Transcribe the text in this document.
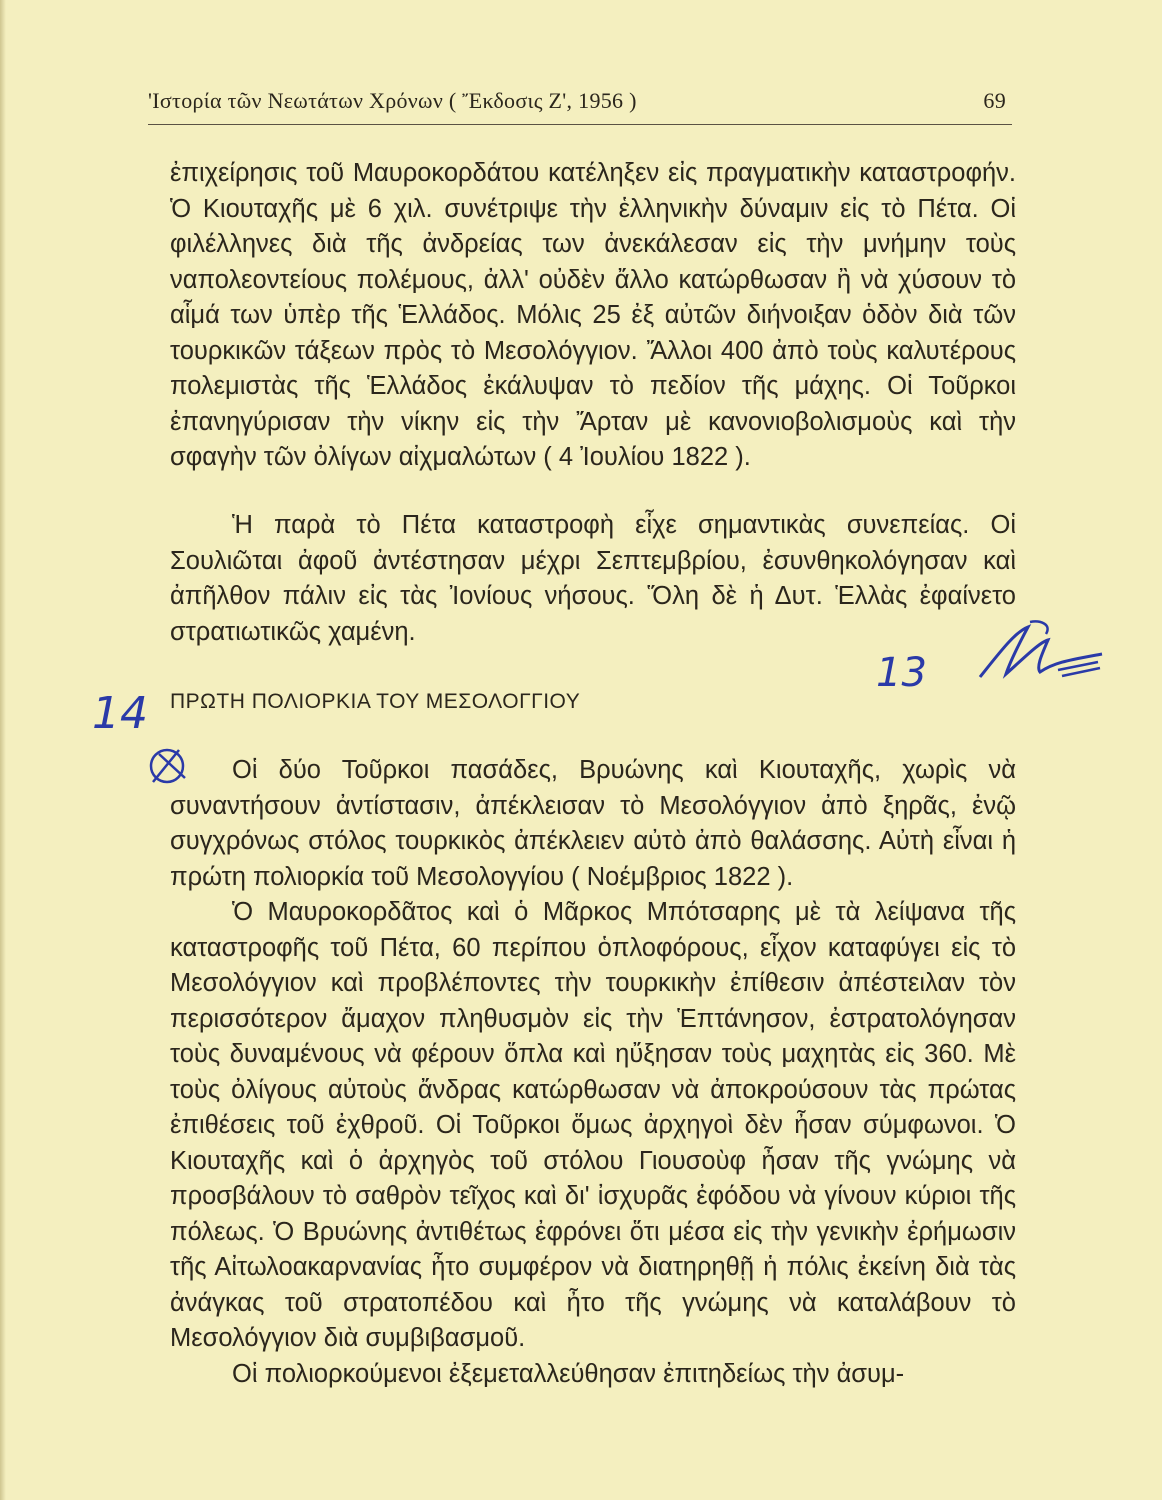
'Ιστορία τῶν Νεωτάτων Χρόνων ( Ἔκδοσις Ζ', 1956 )	69

ἐπιχείρησις τοῦ Μαυροκορδάτου κατέληξεν εἰς πραγματικὴν καταστροφήν. Ὁ Κιουταχῆς μὲ 6 χιλ. συνέτριψε τὴν ἑλληνικὴν δύναμιν εἰς τὸ Πέτα. Οἱ φιλέλληνες διὰ τῆς ἀνδρείας των ἀνεκάλεσαν εἰς τὴν μνήμην τοὺς ναπολεοντείους πολέμους, ἀλλ' οὐδὲν ἄλλο κατώρθωσαν ἢ νὰ χύσουν τὸ αἷμά των ὑπὲρ τῆς Ἑλλάδος. Μόλις 25 ἐξ αὐτῶν διήνοιξαν ὁδὸν διὰ τῶν τουρκικῶν τάξεων πρὸς τὸ Μεσολόγγιον. Ἄλλοι 400 ἀπὸ τοὺς καλυτέρους πολεμιστὰς τῆς Ἑλλάδος ἐκάλυψαν τὸ πεδίον τῆς μάχης. Οἱ Τοῦρκοι ἐπανηγύρισαν τὴν νίκην εἰς τὴν Ἄρταν μὲ κανονιοβολισμοὺς καὶ τὴν σφαγὴν τῶν ὀλίγων αἰχμαλώτων ( 4 Ἰουλίου 1822 ).

Ἡ παρὰ τὸ Πέτα καταστροφὴ εἶχε σημαντικὰς συνεπείας. Οἱ Σουλιῶται ἀφοῦ ἀντέστησαν μέχρι Σεπτεμβρίου, ἐσυνθηκολόγησαν καὶ ἀπῆλθον πάλιν εἰς τὰς Ἰονίους νήσους. Ὅλη δὲ ἡ Δυτ. Ἑλλὰς ἐφαίνετο στρατιωτικῶς χαμένη.

13
14 ΠΡΩΤΗ ΠΟΛΙΟΡΚΙΑ ΤΟΥ ΜΕΣΟΛΟΓΓΙΟΥ

Οἱ δύο Τοῦρκοι πασάδες, Βρυώνης καὶ Κιουταχῆς, χωρὶς νὰ συναντήσουν ἀντίστασιν, ἀπέκλεισαν τὸ Μεσολόγγιον ἀπὸ ξηρᾶς, ἐνῷ συγχρόνως στόλος τουρκικὸς ἀπέκλειεν αὐτὸ ἀπὸ θαλάσσης. Αὐτὴ εἶναι ἡ πρώτη πολιορκία τοῦ Μεσολογγίου ( Νοέμβριος 1822 ).

Ὁ Μαυροκορδᾶτος καὶ ὁ Μᾶρκος Μπότσαρης μὲ τὰ λείψανα τῆς καταστροφῆς τοῦ Πέτα, 60 περίπου ὁπλοφόρους, εἶχον καταφύγει εἰς τὸ Μεσολόγγιον καὶ προβλέποντες τὴν τουρκικὴν ἐπίθεσιν ἀπέστειλαν τὸν περισσότερον ἄμαχον πληθυσμὸν εἰς τὴν Ἑπτάνησον, ἐστρατολόγησαν τοὺς δυναμένους νὰ φέρουν ὅπλα καὶ ηὔξησαν τοὺς μαχητὰς εἰς 360. Μὲ τοὺς ὀλίγους αὐτοὺς ἄνδρας κατώρθωσαν νὰ ἀποκρούσουν τὰς πρώτας ἐπιθέσεις τοῦ ἐχθροῦ. Οἱ Τοῦρκοι ὅμως ἀρχηγοὶ δὲν ἦσαν σύμφωνοι. Ὁ Κιουταχῆς καὶ ὁ ἀρχηγὸς τοῦ στόλου Γιουσοὺφ ἦσαν τῆς γνώμης νὰ προσβάλουν τὸ σαθρὸν τεῖχος καὶ δι' ἰσχυρᾶς ἐφόδου νὰ γίνουν κύριοι τῆς πόλεως. Ὁ Βρυώνης ἀντιθέτως ἐφρόνει ὅτι μέσα εἰς τὴν γενικὴν ἐρήμωσιν τῆς Αἰτωλοακαρνανίας ἦτο συμφέρον νὰ διατηρηθῇ ἡ πόλις ἐκείνη διὰ τὰς ἀνάγκας τοῦ στρατοπέδου καὶ ἦτο τῆς γνώμης νὰ καταλάβουν τὸ Μεσολόγγιον διὰ συμβιβασμοῦ.

Οἱ πολιορκούμενοι ἐξεμεταλλεύθησαν ἐπιτηδείως τὴν ἀσυμ-
